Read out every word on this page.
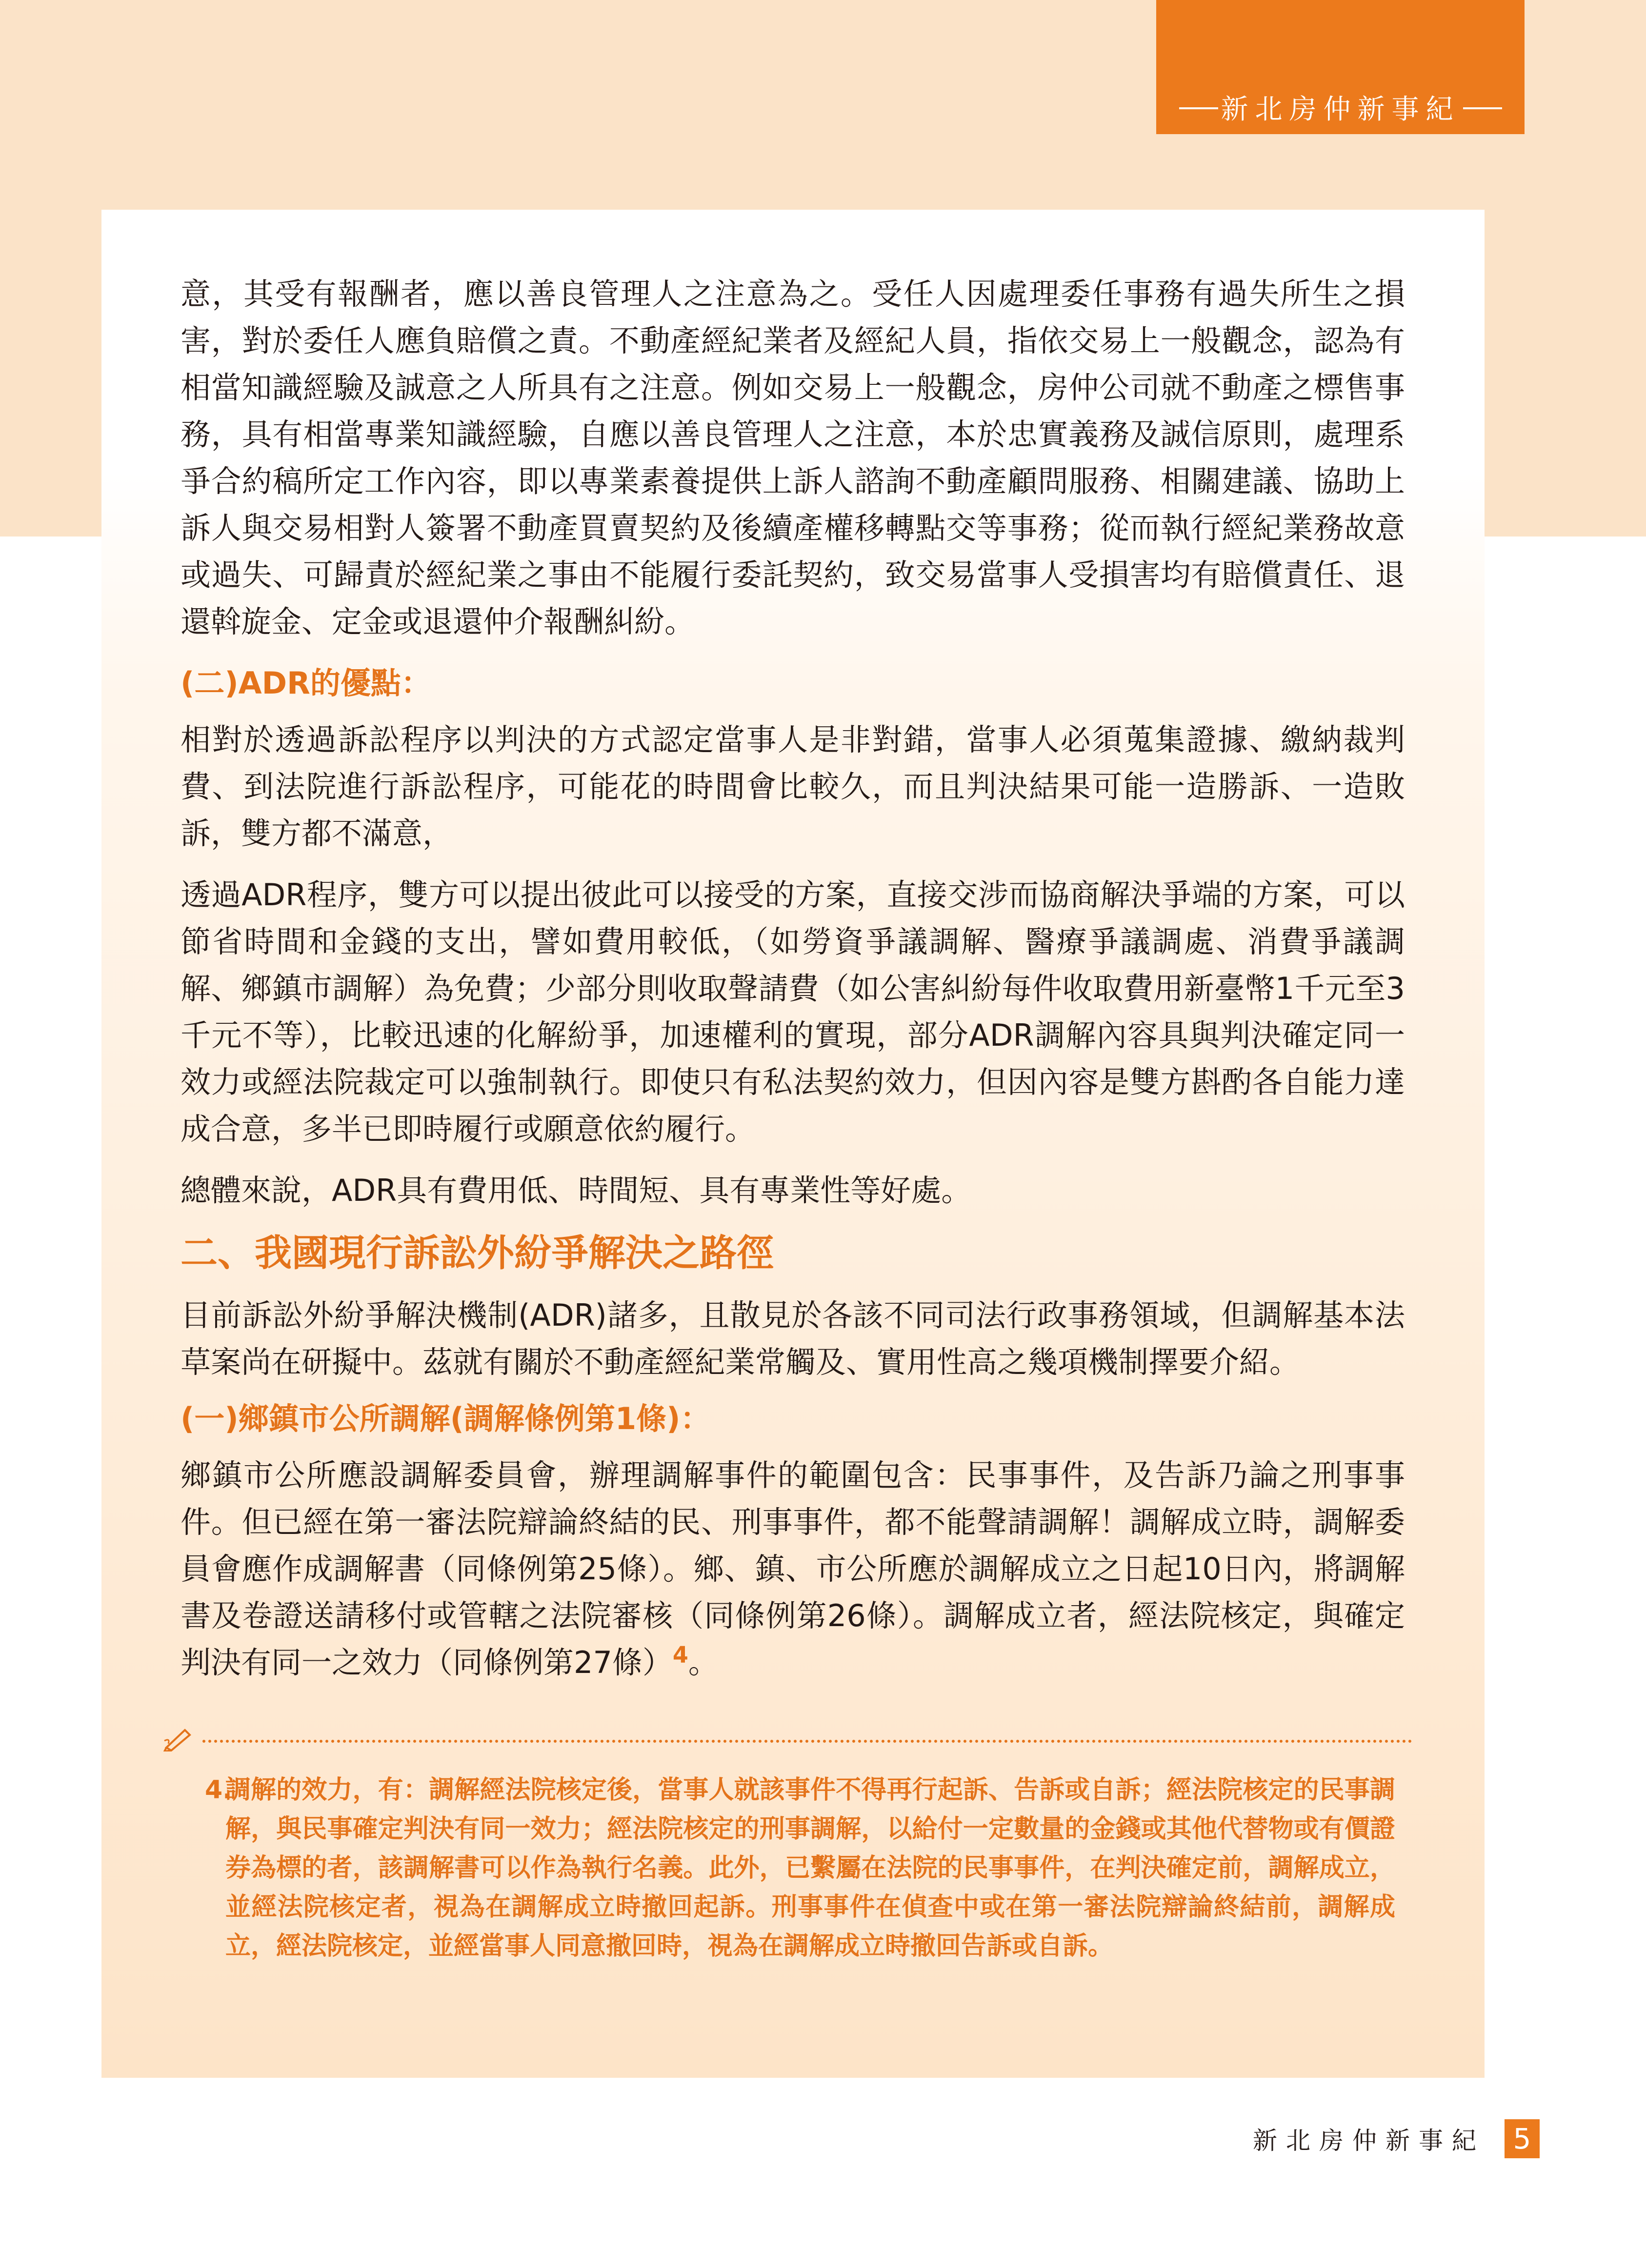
新北房仲新事紀

意，其受有報酬者，應以善良管理人之注意為之。受任人因處理委任事務有過失所生之損害，對於委任人應負賠償之責。不動產經紀業者及經紀人員，指依交易上一般觀念，認為有相當知識經驗及誠意之人所具有之注意。例如交易上一般觀念，房仲公司就不動產之標售事務，具有相當專業知識經驗，自應以善良管理人之注意，本於忠實義務及誠信原則，處理系爭合約稿所定工作內容，即以專業素養提供上訴人諮詢不動產顧問服務、相關建議、協助上訴人與交易相對人簽署不動產買賣契約及後續產權移轉點交等事務；從而執行經紀業務故意或過失、可歸責於經紀業之事由不能履行委託契約，致交易當事人受損害均有賠償責任、退還斡旋金、定金或退還仲介報酬糾紛。

(二)ADR的優點：

相對於透過訴訟程序以判決的方式認定當事人是非對錯，當事人必須蒐集證據、繳納裁判費、到法院進行訴訟程序，可能花的時間會比較久，而且判決結果可能一造勝訴、一造敗訴，雙方都不滿意，

透過ADR程序，雙方可以提出彼此可以接受的方案，直接交涉而協商解決爭端的方案，可以節省時間和金錢的支出，譬如費用較低，（如勞資爭議調解、醫療爭議調處、消費爭議調解、鄉鎮市調解）為免費；少部分則收取聲請費（如公害糾紛每件收取費用新臺幣1千元至3千元不等），比較迅速的化解紛爭，加速權利的實現，部分ADR調解內容具與判決確定同一效力或經法院裁定可以強制執行。即使只有私法契約效力，但因內容是雙方斟酌各自能力達成合意，多半已即時履行或願意依約履行。

總體來說，ADR具有費用低、時間短、具有專業性等好處。

二、我國現行訴訟外紛爭解決之路徑

目前訴訟外紛爭解決機制(ADR)諸多，且散見於各該不同司法行政事務領域，但調解基本法草案尚在研擬中。茲就有關於不動產經紀業常觸及、實用性高之幾項機制擇要介紹。

(一)鄉鎮市公所調解(調解條例第1條)：

鄉鎮市公所應設調解委員會，辦理調解事件的範圍包含：民事事件，及告訴乃論之刑事事件。但已經在第一審法院辯論終結的民、刑事事件，都不能聲請調解！調解成立時，調解委員會應作成調解書（同條例第25條）。鄉、鎮、市公所應於調解成立之日起10日內，將調解書及卷證送請移付或管轄之法院審核（同條例第26條）。調解成立者，經法院核定，與確定判決有同一之效力（同條例第27條）$^4$。

4.
調解的效力，有：調解經法院核定後，當事人就該事件不得再行起訴、告訴或自訴；經法院核定的民事調解，與民事確定判決有同一效力；經法院核定的刑事調解，以給付一定數量的金錢或其他代替物或有價證券為標的者，該調解書可以作為執行名義。此外，已繫屬在法院的民事事件，在判決確定前，調解成立，並經法院核定者，視為在調解成立時撤回起訴。刑事事件在偵查中或在第一審法院辯論終結前，調解成立，經法院核定，並經當事人同意撤回時，視為在調解成立時撤回告訴或自訴。
新北房仲新事紀 5
